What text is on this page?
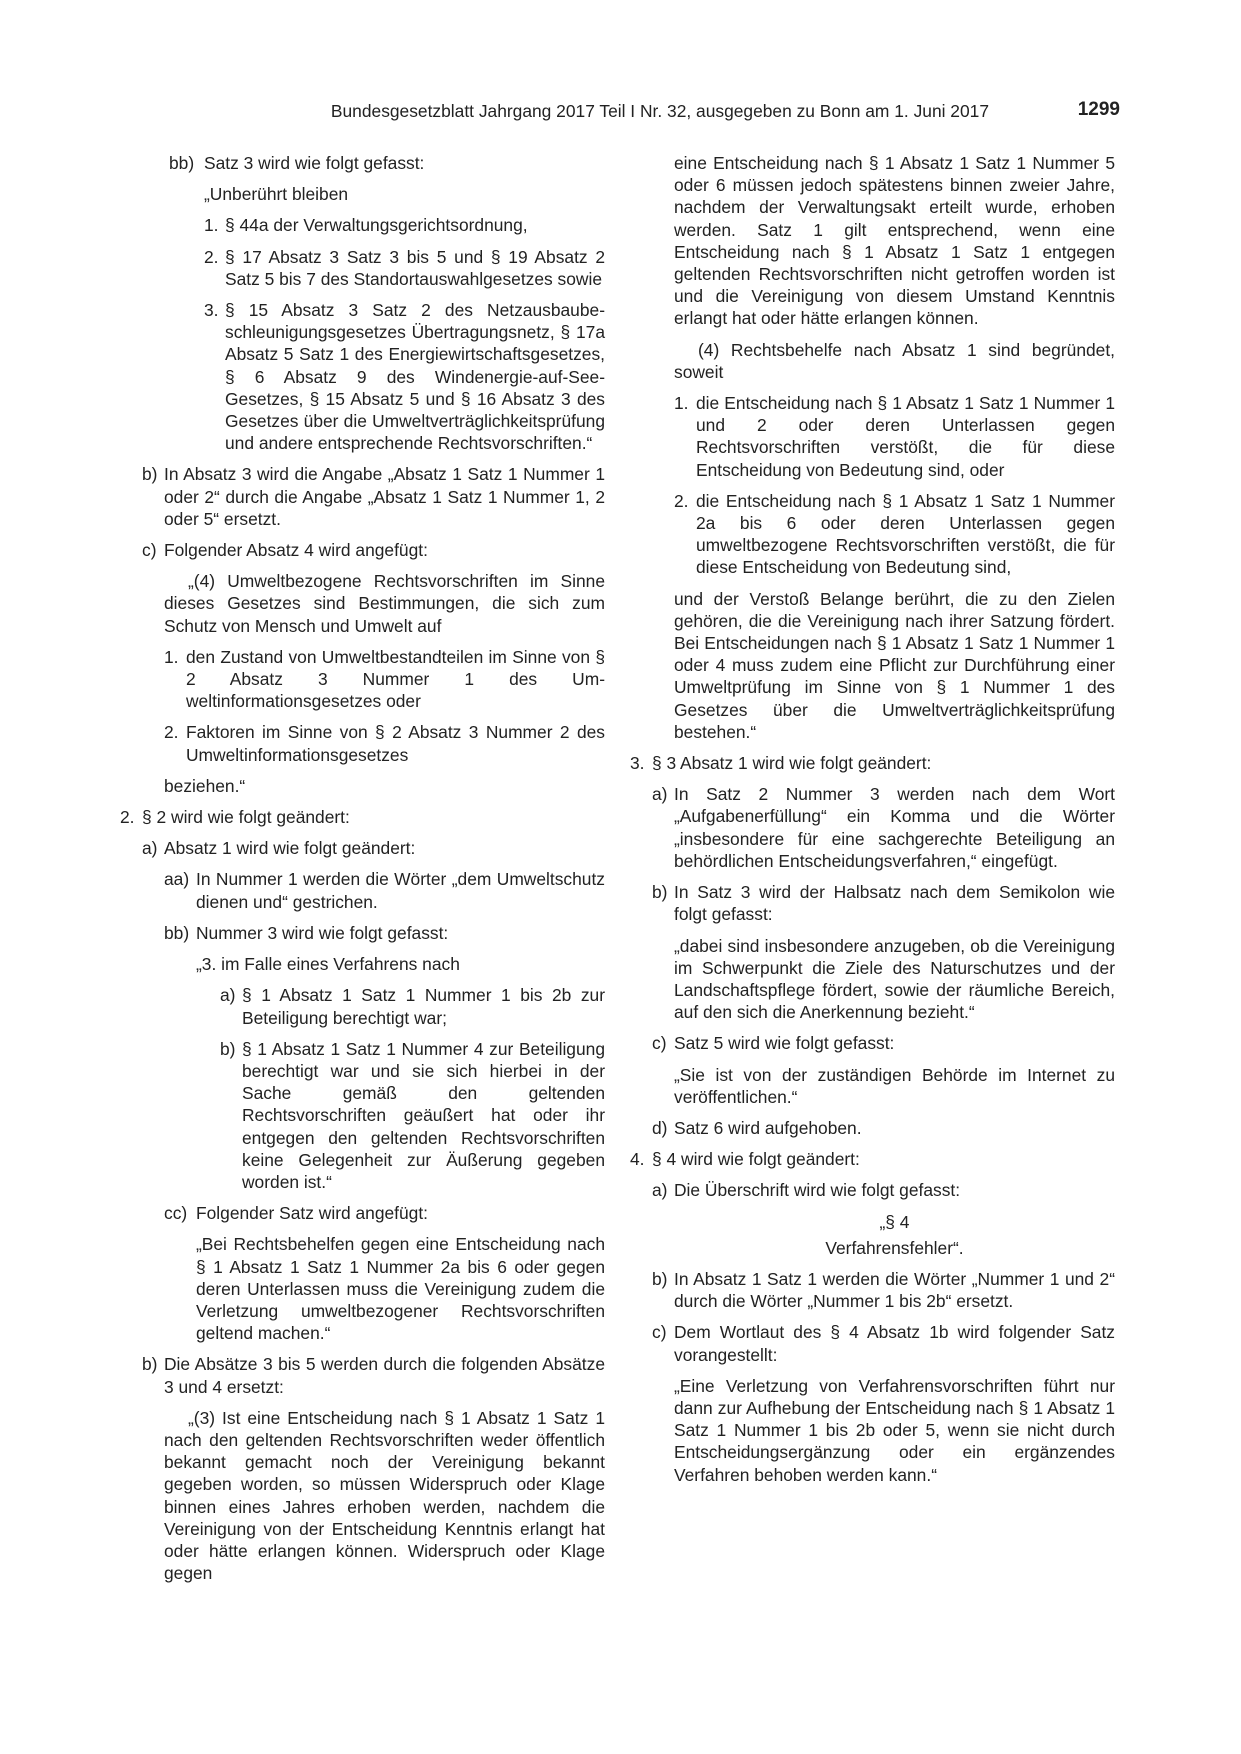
Bundesgesetzblatt Jahrgang 2017 Teil I Nr. 32, ausgegeben zu Bonn am 1. Juni 2017	1299
bb) Satz 3 wird wie folgt gefasst:
„Unberührt bleiben
1. § 44a der Verwaltungsgerichtsordnung,
2. § 17 Absatz 3 Satz 3 bis 5 und § 19 Absatz 2 Satz 5 bis 7 des Standortauswahlgesetzes sowie
3. § 15 Absatz 3 Satz 2 des Netzausbaubeschleunigungsgesetzes Übertragungsnetz, § 17a Absatz 5 Satz 1 des Energiewirtschaftsgesetzes, § 6 Absatz 9 des Windenergie-auf-See-Gesetzes, § 15 Absatz 5 und § 16 Absatz 3 des Gesetzes über die Umweltverträglichkeitsprüfung und andere entsprechende Rechtsvorschriften.“
b) In Absatz 3 wird die Angabe „Absatz 1 Satz 1 Nummer 1 oder 2“ durch die Angabe „Absatz 1 Satz 1 Nummer 1, 2 oder 5“ ersetzt.
c) Folgender Absatz 4 wird angefügt:
„(4) Umweltbezogene Rechtsvorschriften im Sinne dieses Gesetzes sind Bestimmungen, die sich zum Schutz von Mensch und Umwelt auf
1. den Zustand von Umweltbestandteilen im Sinne von § 2 Absatz 3 Nummer 1 des Umweltinformationsgesetzes oder
2. Faktoren im Sinne von § 2 Absatz 3 Nummer 2 des Umweltinformationsgesetzes
beziehen.“
2. § 2 wird wie folgt geändert:
a) Absatz 1 wird wie folgt geändert:
aa) In Nummer 1 werden die Wörter „dem Umweltschutz dienen und“ gestrichen.
bb) Nummer 3 wird wie folgt gefasst:
„3. im Falle eines Verfahrens nach
a) § 1 Absatz 1 Satz 1 Nummer 1 bis 2b zur Beteiligung berechtigt war;
b) § 1 Absatz 1 Satz 1 Nummer 4 zur Beteiligung berechtigt war und sie sich hierbei in der Sache gemäß den geltenden Rechtsvorschriften geäußert hat oder ihr entgegen den geltenden Rechtsvorschriften keine Gelegenheit zur Äußerung gegeben worden ist.“
cc) Folgender Satz wird angefügt:
„Bei Rechtsbehelfen gegen eine Entscheidung nach § 1 Absatz 1 Satz 1 Nummer 2a bis 6 oder gegen deren Unterlassen muss die Vereinigung zudem die Verletzung umweltbezogener Rechtsvorschriften geltend machen.“
b) Die Absätze 3 bis 5 werden durch die folgenden Absätze 3 und 4 ersetzt:
„(3) Ist eine Entscheidung nach § 1 Absatz 1 Satz 1 nach den geltenden Rechtsvorschriften weder öffentlich bekannt gemacht noch der Vereinigung bekannt gegeben worden, so müssen Widerspruch oder Klage binnen eines Jahres erhoben werden, nachdem die Vereinigung von der Entscheidung Kenntnis erlangt hat oder hätte erlangen können. Widerspruch oder Klage gegen
eine Entscheidung nach § 1 Absatz 1 Satz 1 Nummer 5 oder 6 müssen jedoch spätestens binnen zweier Jahre, nachdem der Verwaltungsakt erteilt wurde, erhoben werden. Satz 1 gilt entsprechend, wenn eine Entscheidung nach § 1 Absatz 1 Satz 1 entgegen geltenden Rechtsvorschriften nicht getroffen worden ist und die Vereinigung von diesem Umstand Kenntnis erlangt hat oder hätte erlangen können.
(4) Rechtsbehelfe nach Absatz 1 sind begründet, soweit
1. die Entscheidung nach § 1 Absatz 1 Satz 1 Nummer 1 und 2 oder deren Unterlassen gegen Rechtsvorschriften verstößt, die für diese Entscheidung von Bedeutung sind, oder
2. die Entscheidung nach § 1 Absatz 1 Satz 1 Nummer 2a bis 6 oder deren Unterlassen gegen umweltbezogene Rechtsvorschriften verstößt, die für diese Entscheidung von Bedeutung sind,
und der Verstoß Belange berührt, die zu den Zielen gehören, die die Vereinigung nach ihrer Satzung fördert. Bei Entscheidungen nach § 1 Absatz 1 Satz 1 Nummer 1 oder 4 muss zudem eine Pflicht zur Durchführung einer Umweltprüfung im Sinne von § 1 Nummer 1 des Gesetzes über die Umweltverträglichkeitsprüfung bestehen.“
3. § 3 Absatz 1 wird wie folgt geändert:
a) In Satz 2 Nummer 3 werden nach dem Wort „Aufgabenerfüllung“ ein Komma und die Wörter „insbesondere für eine sachgerechte Beteiligung an behördlichen Entscheidungsverfahren,“ eingefügt.
b) In Satz 3 wird der Halbsatz nach dem Semikolon wie folgt gefasst:
„dabei sind insbesondere anzugeben, ob die Vereinigung im Schwerpunkt die Ziele des Naturschutzes und der Landschaftspflege fördert, sowie der räumliche Bereich, auf den sich die Anerkennung bezieht.“
c) Satz 5 wird wie folgt gefasst:
„Sie ist von der zuständigen Behörde im Internet zu veröffentlichen.“
d) Satz 6 wird aufgehoben.
4. § 4 wird wie folgt geändert:
a) Die Überschrift wird wie folgt gefasst:
„§ 4
Verfahrensfehler“.
b) In Absatz 1 Satz 1 werden die Wörter „Nummer 1 und 2“ durch die Wörter „Nummer 1 bis 2b“ ersetzt.
c) Dem Wortlaut des § 4 Absatz 1b wird folgender Satz vorangestellt:
„Eine Verletzung von Verfahrensvorschriften führt nur dann zur Aufhebung der Entscheidung nach § 1 Absatz 1 Satz 1 Nummer 1 bis 2b oder 5, wenn sie nicht durch Entscheidungsergänzung oder ein ergänzendes Verfahren behoben werden kann.“
